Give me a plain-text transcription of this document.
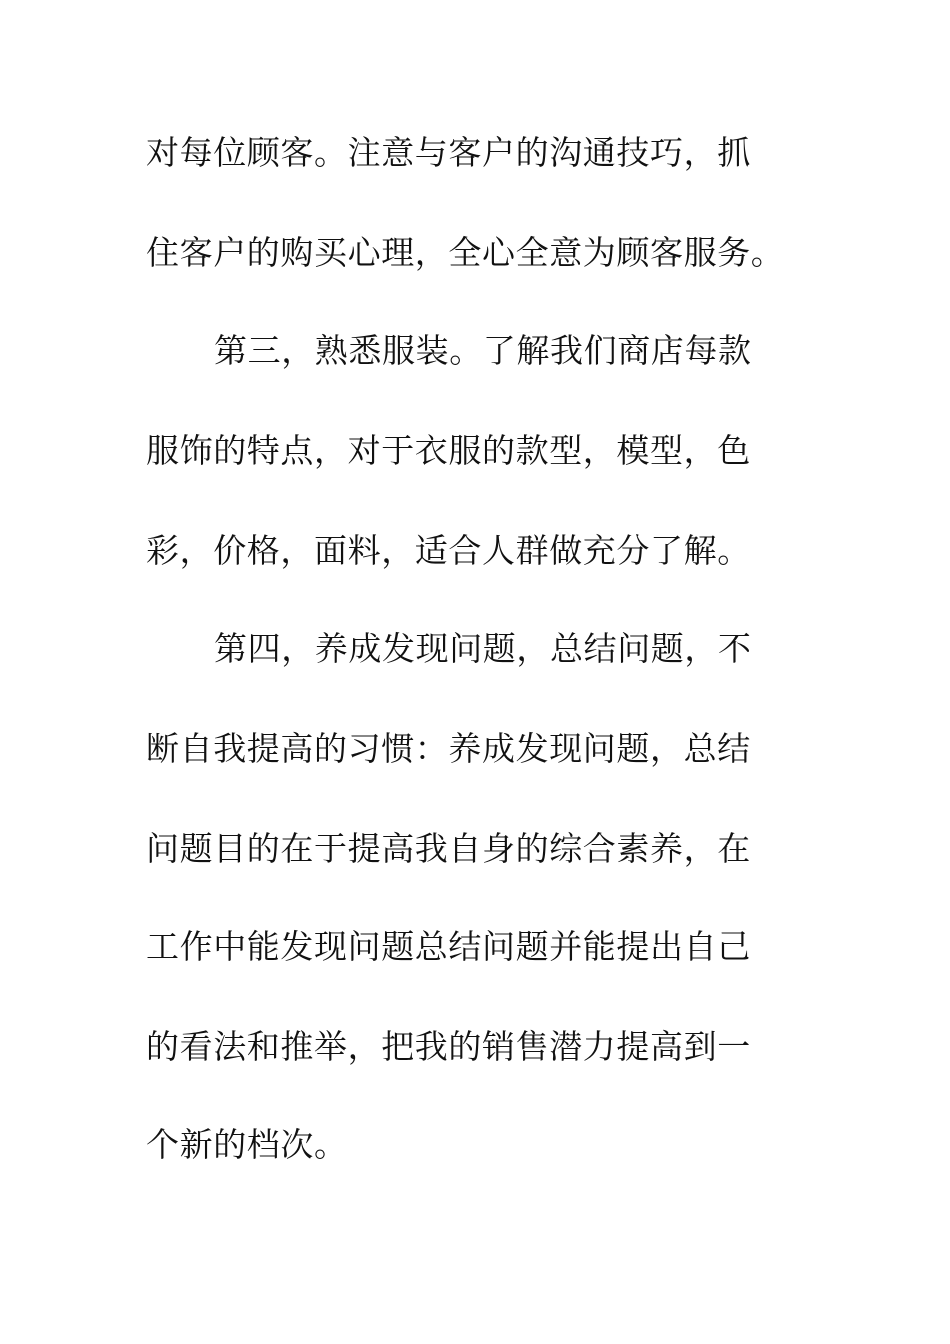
对每位顾客。注意与客户的沟通技巧，抓
住客户的购买心理，全心全意为顾客服务。
第三，熟悉服装。了解我们商店每款
服饰的特点，对于衣服的款型，模型，色
彩，价格，面料，适合人群做充分了解。
第四，养成发现问题，总结问题，不
断自我提高的习惯：养成发现问题，总结
问题目的在于提高我自身的综合素养，在
工作中能发现问题总结问题并能提出自己
的看法和推举，把我的销售潜力提高到一
个新的档次。
